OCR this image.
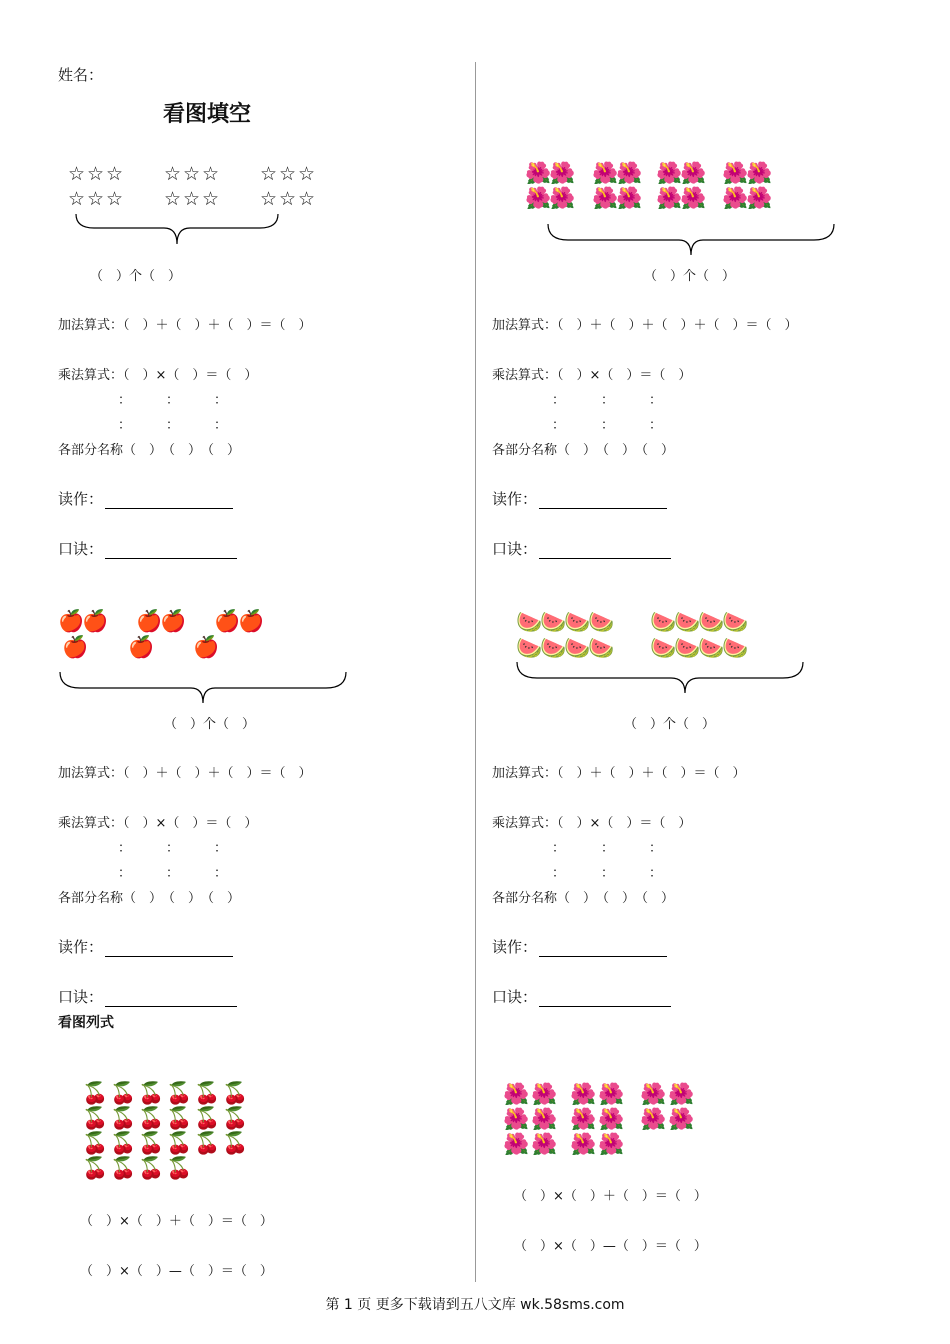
姓名：
看图填空
☆ ☆ ☆
☆ ☆ ☆
☆ ☆ ☆
☆ ☆ ☆
☆ ☆ ☆
☆ ☆ ☆
（　）个（　）
加法算式：（　）＋（　）＋（　）＝（　）
乘法算式：（　）×（　）＝（　）
：	：	：
：	：	：
各部分名称（　）　（　）　（　）
读作：
口诀：
🌺
🌺
🌺
🌺
🌺
🌺
🌺
🌺
🌺
🌺
🌺
🌺
🌺
🌺
🌺
🌺
（　）个（　）
加法算式：（　）＋（　）＋（　）＋（　）＝（　）
乘法算式：（　）×（　）＝（　）
：	：	：
：	：	：
各部分名称（　）　（　）　（　）
读作：
口诀：
🍎
🍎
🍎
🍎
🍎
🍎
🍎
🍎
🍎
（　）个（　）
加法算式：（　）＋（　）＋（　）＝（　）
乘法算式：（　）×（　）＝（　）
：	：	：
：	：	：
各部分名称（　）　（　）　（　）
读作：
口诀：
🍉
🍉
🍉
🍉
🍉
🍉
🍉
🍉
🍉
🍉
🍉
🍉
🍉
🍉
🍉
🍉
（　）个（　）
加法算式：（　）＋（　）＋（　）＝（　）
乘法算式：（　）×（　）＝（　）
：	：	：
：	：	：
各部分名称（　）　（　）　（　）
读作：
口诀：
看图列式
🍒 🍒 🍒 🍒 🍒 🍒
🍒 🍒 🍒 🍒 🍒 🍒
🍒 🍒 🍒 🍒 🍒 🍒
🍒 🍒 🍒 🍒
（　）×（　）＋（　）＝（　）
（　）×（　）—（　）＝（　）
🌺 🌺 🌺 🌺 🌺 🌺
🌺 🌺 🌺 🌺 🌺 🌺
🌺 🌺 🌺 🌺
（　）×（　）＋（　）＝（　）
（　）×（　）—（　）＝（　）
第 1 页 更多下载请到五八文库 wk.58sms.com
